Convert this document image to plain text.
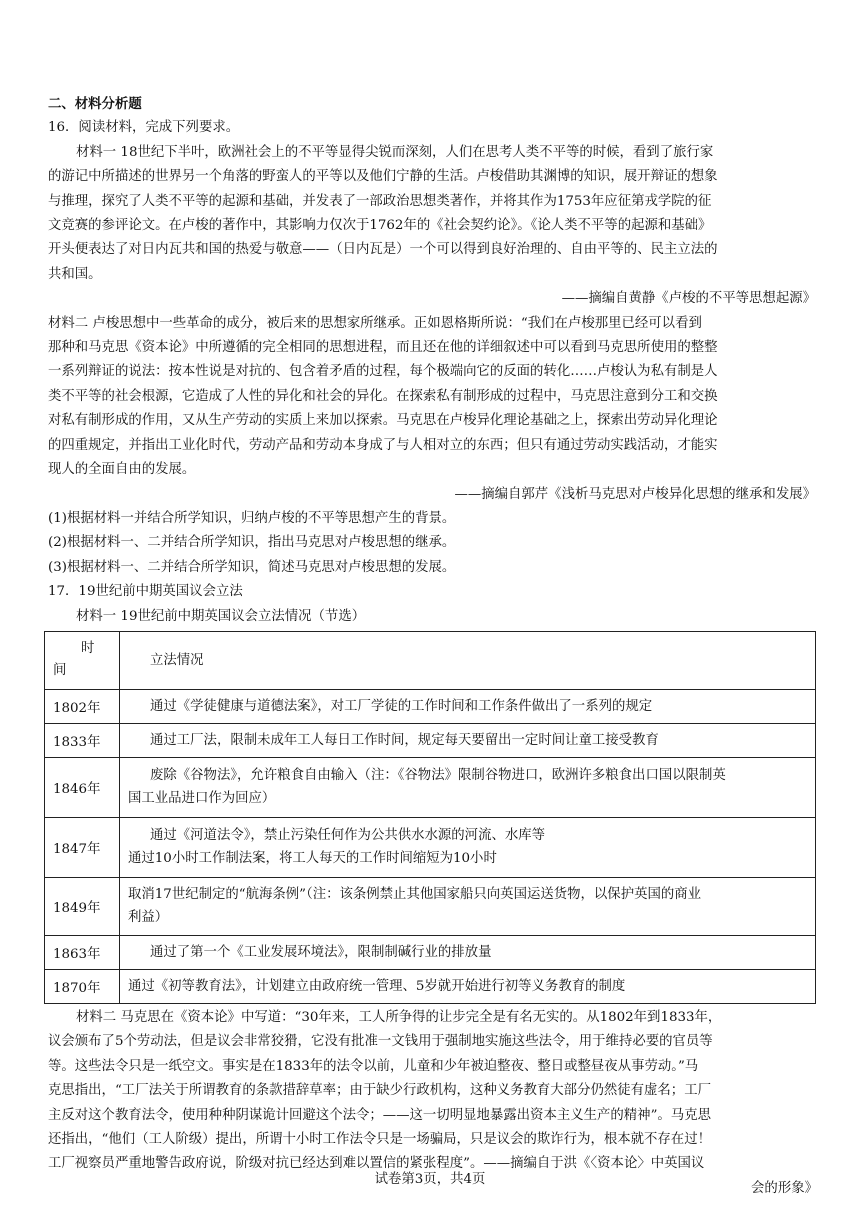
二、材料分析题
16．阅读材料，完成下列要求。
材料一 18世纪下半叶，欧洲社会上的不平等显得尖锐而深刻，人们在思考人类不平等的时候，看到了旅行家
的游记中所描述的世界另一个角落的野蛮人的平等以及他们宁静的生活。卢梭借助其渊博的知识，展开辩证的想象
与推理，探究了人类不平等的起源和基础，并发表了一部政治思想类著作，并将其作为1753年应征第戎学院的征
文竞赛的参评论文。在卢梭的著作中，其影响力仅次于1762年的《社会契约论》。《论人类不平等的起源和基础》
开头便表达了对日内瓦共和国的热爱与敬意——（日内瓦是）一个可以得到良好治理的、自由平等的、民主立法的
共和国。
——摘编自黄静《卢梭的不平等思想起源》
材料二 卢梭思想中一些革命的成分，被后来的思想家所继承。正如恩格斯所说：“我们在卢梭那里已经可以看到
那种和马克思《资本论》中所遵循的完全相同的思想进程，而且还在他的详细叙述中可以看到马克思所使用的整整
一系列辩证的说法：按本性说是对抗的、包含着矛盾的过程，每个极端向它的反面的转化……卢梭认为私有制是人
类不平等的社会根源，它造成了人性的异化和社会的异化。在探索私有制形成的过程中，马克思注意到分工和交换
对私有制形成的作用，又从生产劳动的实质上来加以探索。马克思在卢梭异化理论基础之上，探索出劳动异化理论
的四重规定，并指出工业化时代，劳动产品和劳动本身成了与人相对立的东西；但只有通过劳动实践活动，才能实
现人的全面自由的发展。
——摘编自郭芹《浅析马克思对卢梭异化思想的继承和发展》
(1)根据材料一并结合所学知识，归纳卢梭的不平等思想产生的背景。
(2)根据材料一、二并结合所学知识，指出马克思对卢梭思想的继承。
(3)根据材料一、二并结合所学知识，简述马克思对卢梭思想的发展。
17．19世纪前中期英国议会立法
材料一 19世纪前中期英国议会立法情况（节选）
时
间	立法情况
1802年	通过《学徒健康与道德法案》，对工厂学徒的工作时间和工作条件做出了一系列的规定
1833年	通过工厂法，限制未成年工人每日工作时间，规定每天要留出一定时间让童工接受教育
1846年	废除《谷物法》，允许粮食自由输入（注：《谷物法》限制谷物进口，欧洲许多粮食出口国以限制英
国工业品进口作为回应）

1847年	通过《河道法令》，禁止污染任何作为公共供水水源的河流、水库等
通过10小时工作制法案，将工人每天的工作时间缩短为10小时

1849年	取消17世纪制定的“航海条例”（注：该条例禁止其他国家船只向英国运送货物，以保护英国的商业
利益）

1863年	通过了第一个《工业发展环境法》，限制制碱行业的排放量
1870年	通过《初等教育法》，计划建立由政府统一管理、5岁就开始进行初等义务教育的制度
材料二 马克思在《资本论》中写道：“30年来，工人所争得的让步完全是有名无实的。从1802年到1833年，
议会颁布了5个劳动法，但是议会非常狡猾，它没有批准一文钱用于强制地实施这些法令，用于维持必要的官员等
等。这些法令只是一纸空文。事实是在1833年的法令以前，儿童和少年被迫整夜、整日或整昼夜从事劳动。”马
克思指出，“工厂法关于所谓教育的条款措辞草率；由于缺少行政机构，这种义务教育大部分仍然徒有虚名；工厂
主反对这个教育法令，使用种种阴谋诡计回避这个法令；——这一切明显地暴露出资本主义生产的精神”。马克思
还指出，“他们（工人阶级）提出，所谓十小时工作法令只是一场骗局，只是议会的欺诈行为，根本就不存在过！
工厂视察员严重地警告政府说，阶级对抗已经达到难以置信的紧张程度”。——摘编自于洪《〈资本论〉中英国议
会的形象》
试卷第3页，共4页
